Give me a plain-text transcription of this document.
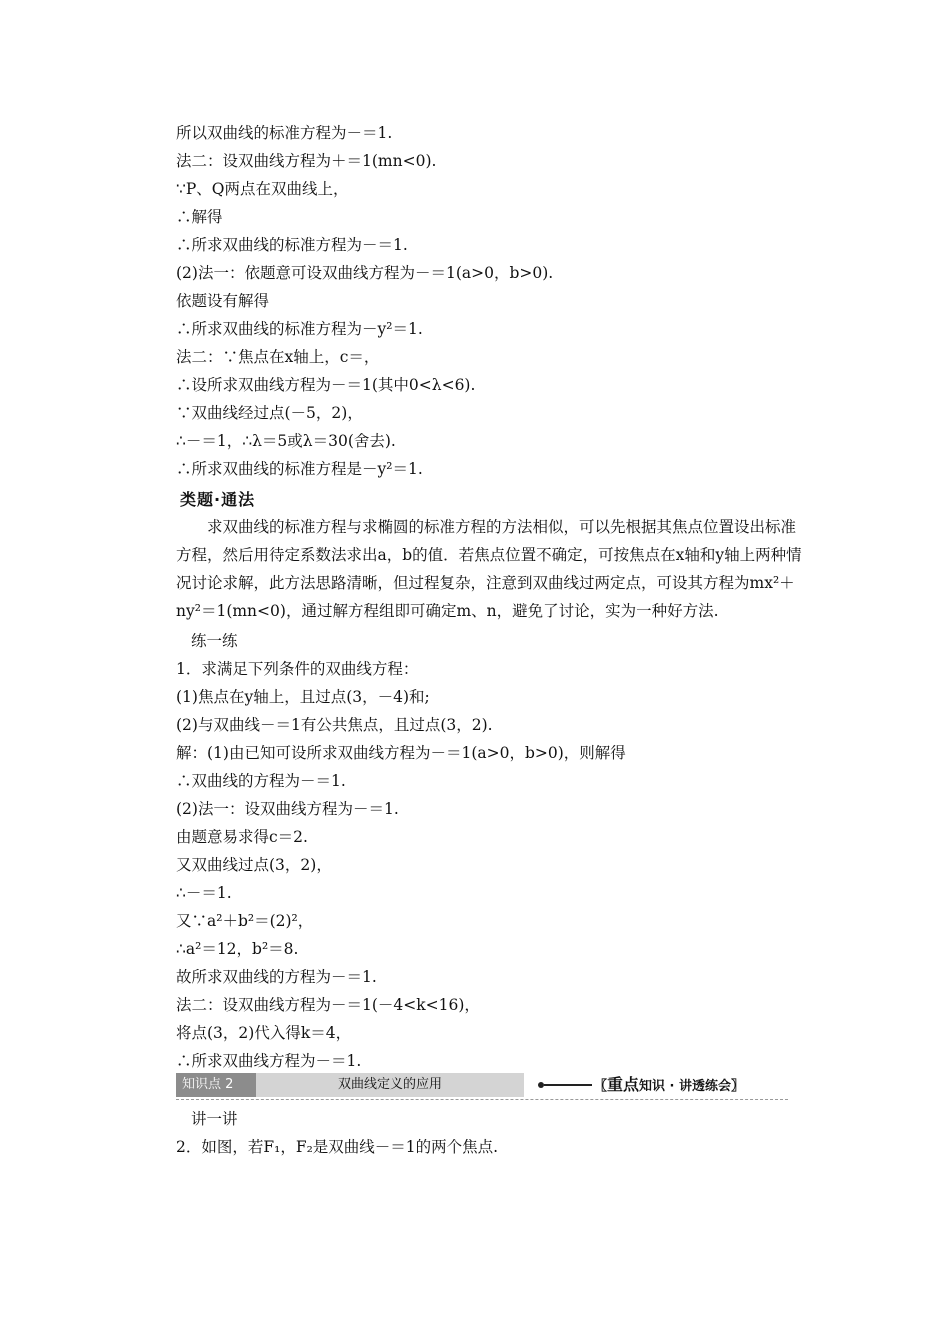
所以双曲线的标准方程为－＝1.
法二：设双曲线方程为＋＝1(mn<0).
∵P、Q两点在双曲线上，
∴解得
∴所求双曲线的标准方程为－＝1.
(2)法一：依题意可设双曲线方程为－＝1(a>0，b>0).
依题设有解得
∴所求双曲线的标准方程为－y²＝1.
法二：∵焦点在x轴上，c＝，
∴设所求双曲线方程为－＝1(其中0<λ<6).
∵双曲线经过点(－5，2)，
∴－＝1，∴λ＝5或λ＝30(舍去).
∴所求双曲线的标准方程是－y²＝1.
类题·通法
求双曲线的标准方程与求椭圆的标准方程的方法相似，可以先根据其焦点位置设出标准方程，然后用待定系数法求出a，b的值．若焦点位置不确定，可按焦点在x轴和y轴上两种情况讨论求解，此方法思路清晰，但过程复杂，注意到双曲线过两定点，可设其方程为mx²＋ny²＝1(mn<0)，通过解方程组即可确定m、n，避免了讨论，实为一种好方法.
练一练
1．求满足下列条件的双曲线方程：
(1)焦点在y轴上，且过点(3，－4)和;
(2)与双曲线－＝1有公共焦点，且过点(3，2).
解：(1)由已知可设所求双曲线方程为－＝1(a>0，b>0)，则解得
∴双曲线的方程为－＝1.
(2)法一：设双曲线方程为－＝1.
由题意易求得c＝2.
又双曲线过点(3，2)，
∴－＝1.
又∵a²＋b²＝(2)²，
∴a²＝12，b²＝8.
故所求双曲线的方程为－＝1.
法二：设双曲线方程为－＝1(－4<k<16)，
将点(3，2)代入得k＝4，
∴所求双曲线方程为－＝1.
知识点 2	双曲线定义的应用	〖重点知识 · 讲透练会〗
讲一讲
2．如图，若F₁，F₂是双曲线－＝1的两个焦点.
